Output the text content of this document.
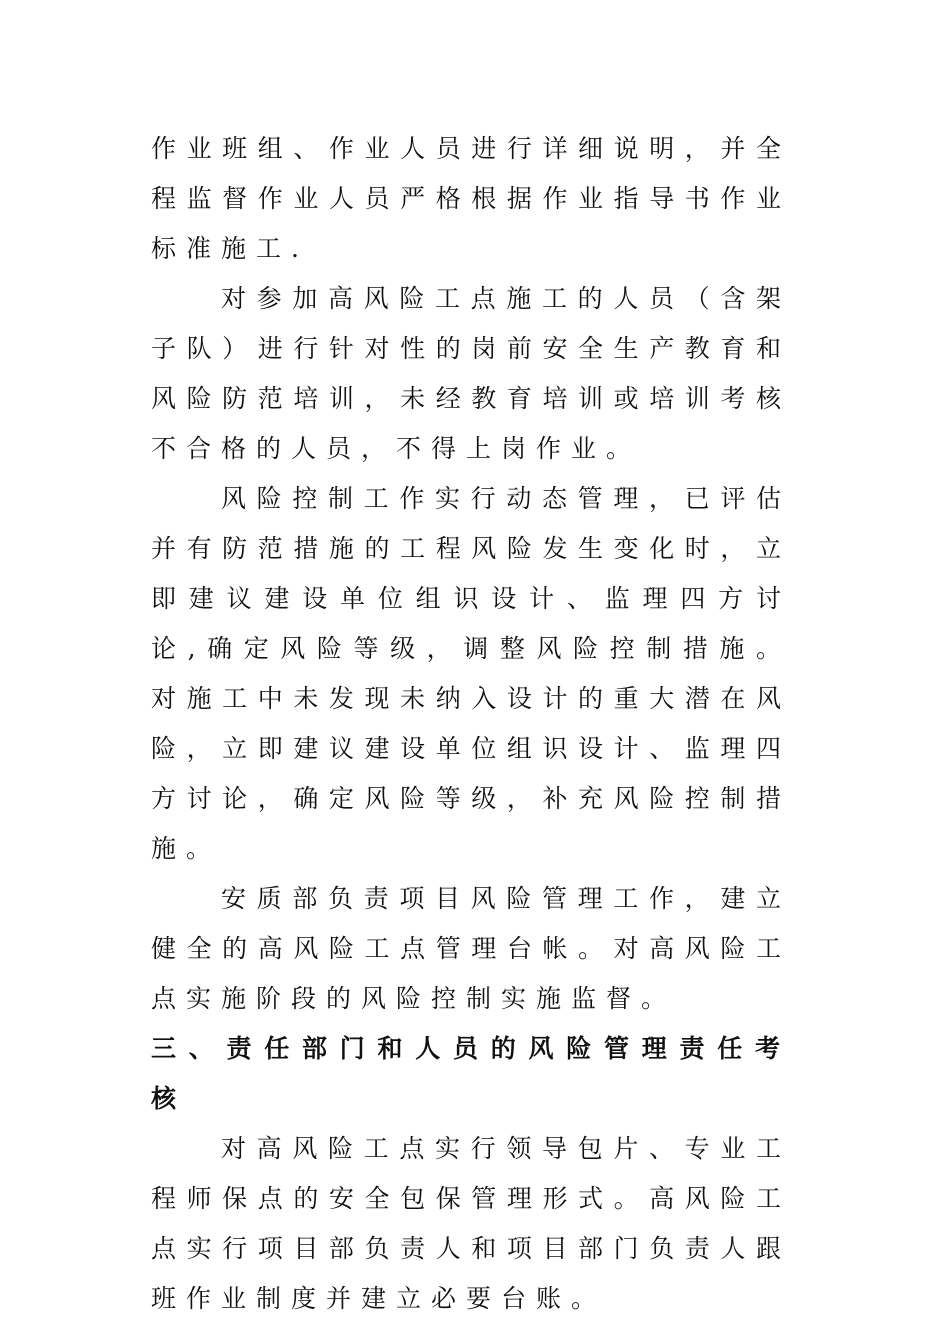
作业班组、作业人员进行详细说明，并全程监督作业人员严格根据作业指导书作业标准施工.

对参加高风险工点施工的人员（含架子队）进行针对性的岗前安全生产教育和风险防范培训，未经教育培训或培训考核不合格的人员，不得上岗作业。

风险控制工作实行动态管理，已评估并有防范措施的工程风险发生变化时，立即建议建设单位组识设计、监理四方讨论,确定风险等级，调整风险控制措施。对施工中未发现未纳入设计的重大潜在风险，立即建议建设单位组识设计、监理四方讨论，确定风险等级，补充风险控制措施。

安质部负责项目风险管理工作，建立健全的高风险工点管理台帐。对高风险工点实施阶段的风险控制实施监督。

三、责任部门和人员的风险管理责任考核

对高风险工点实行领导包片、专业工程师保点的安全包保管理形式。高风险工点实行项目部负责人和项目部门负责人跟班作业制度并建立必要台账。
